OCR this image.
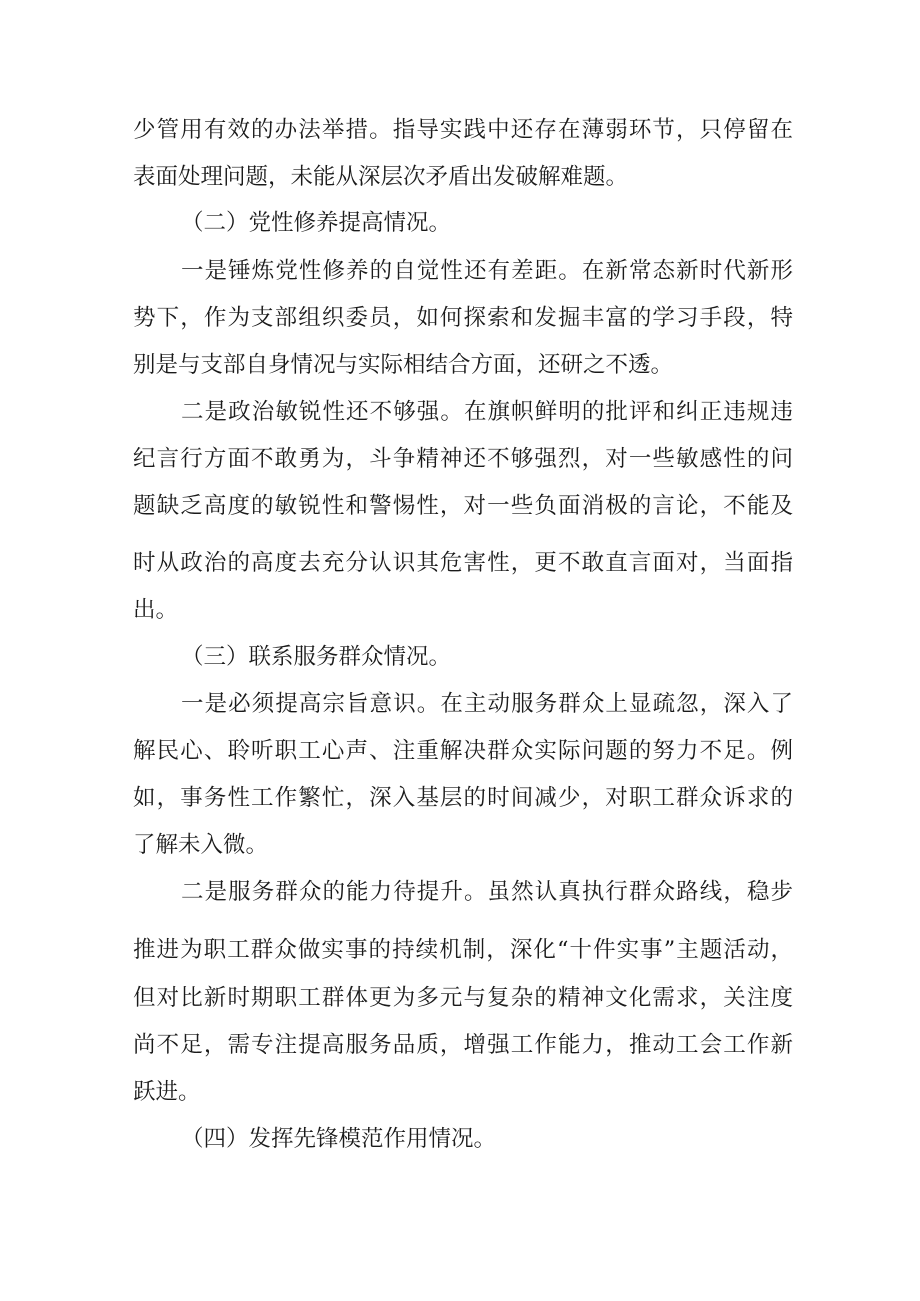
少管用有效的办法举措。指导实践中还存在薄弱环节，只停留在
表面处理问题，未能从深层次矛盾出发破解难题。
（二）党性修养提高情况。
一是锤炼党性修养的自觉性还有差距。在新常态新时代新形
势下，作为支部组织委员，如何探索和发掘丰富的学习手段，特
别是与支部自身情况与实际相结合方面，还研之不透。
二是政治敏锐性还不够强。在旗帜鲜明的批评和纠正违规违
纪言行方面不敢勇为，斗争精神还不够强烈，对一些敏感性的问
题缺乏高度的敏锐性和警惕性，对一些负面消极的言论，不能及
时从政治的高度去充分认识其危害性，更不敢直言面对，当面指
出。
（三）联系服务群众情况。
一是必须提高宗旨意识。在主动服务群众上显疏忽，深入了
解民心、聆听职工心声、注重解决群众实际问题的努力不足。例
如，事务性工作繁忙，深入基层的时间减少，对职工群众诉求的
了解未入微。
二是服务群众的能力待提升。虽然认真执行群众路线，稳步
推进为职工群众做实事的持续机制，深化“十件实事”主题活动，
但对比新时期职工群体更为多元与复杂的精神文化需求，关注度
尚不足，需专注提高服务品质，增强工作能力，推动工会工作新
跃进。
（四）发挥先锋模范作用情况。
